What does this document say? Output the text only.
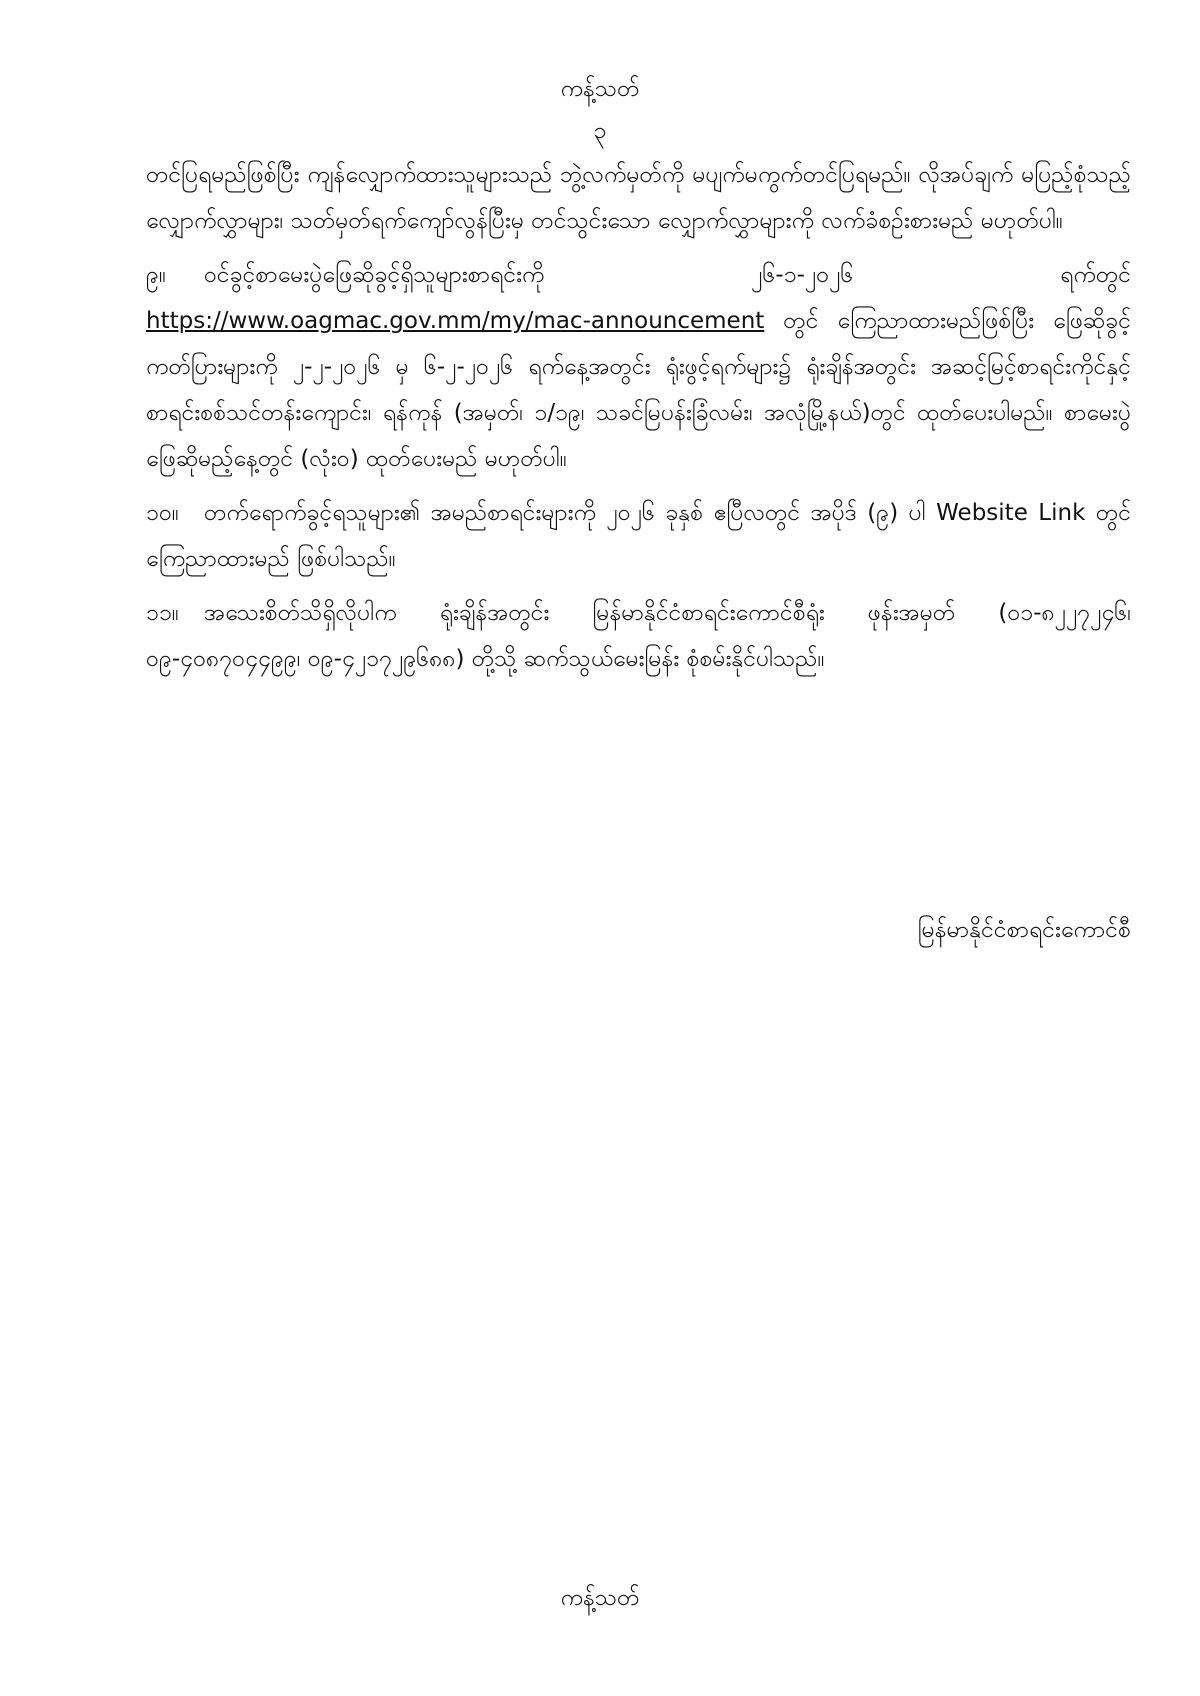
ကန့်သတ်
၃

တင်ပြရမည်ဖြစ်ပြီး ကျန်လျှောက်ထားသူများသည် ဘွဲ့လက်မှတ်ကို မပျက်မကွက်တင်ပြရမည်။ လိုအပ်ချက် မပြည့်စုံသည့် လျှောက်လွှာများ၊ သတ်မှတ်ရက်ကျော်လွန်ပြီးမှ တင်သွင်းသော လျှောက်လွှာများကို လက်ခံစဉ်းစားမည် မဟုတ်ပါ။

၉။ ဝင်ခွင့်စာမေးပွဲဖြေဆိုခွင့်ရှိသူများစာရင်းကို ၂၆-၁-၂၀၂၆ ရက်တွင် https://www.oagmac.gov.mm/my/mac-announcement တွင် ကြေညာထားမည်ဖြစ်ပြီး ဖြေဆိုခွင့်ကတ်ပြားများကို ၂-၂-၂၀၂၆ မှ ၆-၂-၂၀၂၆ ရက်နေ့အတွင်း ရုံးဖွင့်ရက်များ၌ ရုံးချိန်အတွင်း အဆင့်မြင့်စာရင်းကိုင်နှင့် စာရင်းစစ်သင်တန်းကျောင်း၊ ရန်ကုန် (အမှတ်၊ ၁/၁၉၊ သခင်မြပန်းခြံလမ်း၊ အလုံမြို့နယ်)တွင် ထုတ်ပေးပါမည်။ စာမေးပွဲဖြေဆိုမည့်နေ့တွင် (လုံး၀) ထုတ်ပေးမည် မဟုတ်ပါ။

၁၀။ တက်ရောက်ခွင့်ရသူများ၏ အမည်စာရင်းများကို ၂၀၂၆ ခုနှစ် ဧပြီလတွင် အပိုဒ် (၉) ပါ Website Link တွင် ကြေညာထားမည် ဖြစ်ပါသည်။

၁၁။ အသေးစိတ်သိရှိလိုပါက ရုံးချိန်အတွင်း မြန်မာနိုင်ငံစာရင်းကောင်စီရုံး ဖုန်းအမှတ် (၀၁-၈၂၂၇၂၄၆၊ ၀၉-၄၀၈၇၀၄၄၉၉၊ ၀၉-၄၂၁၇၂၉၆၈၈) တို့သို့ ဆက်သွယ်မေးမြန်း စုံစမ်းနိုင်ပါသည်။

မြန်မာနိုင်ငံစာရင်းကောင်စီ
ကန့်သတ်
